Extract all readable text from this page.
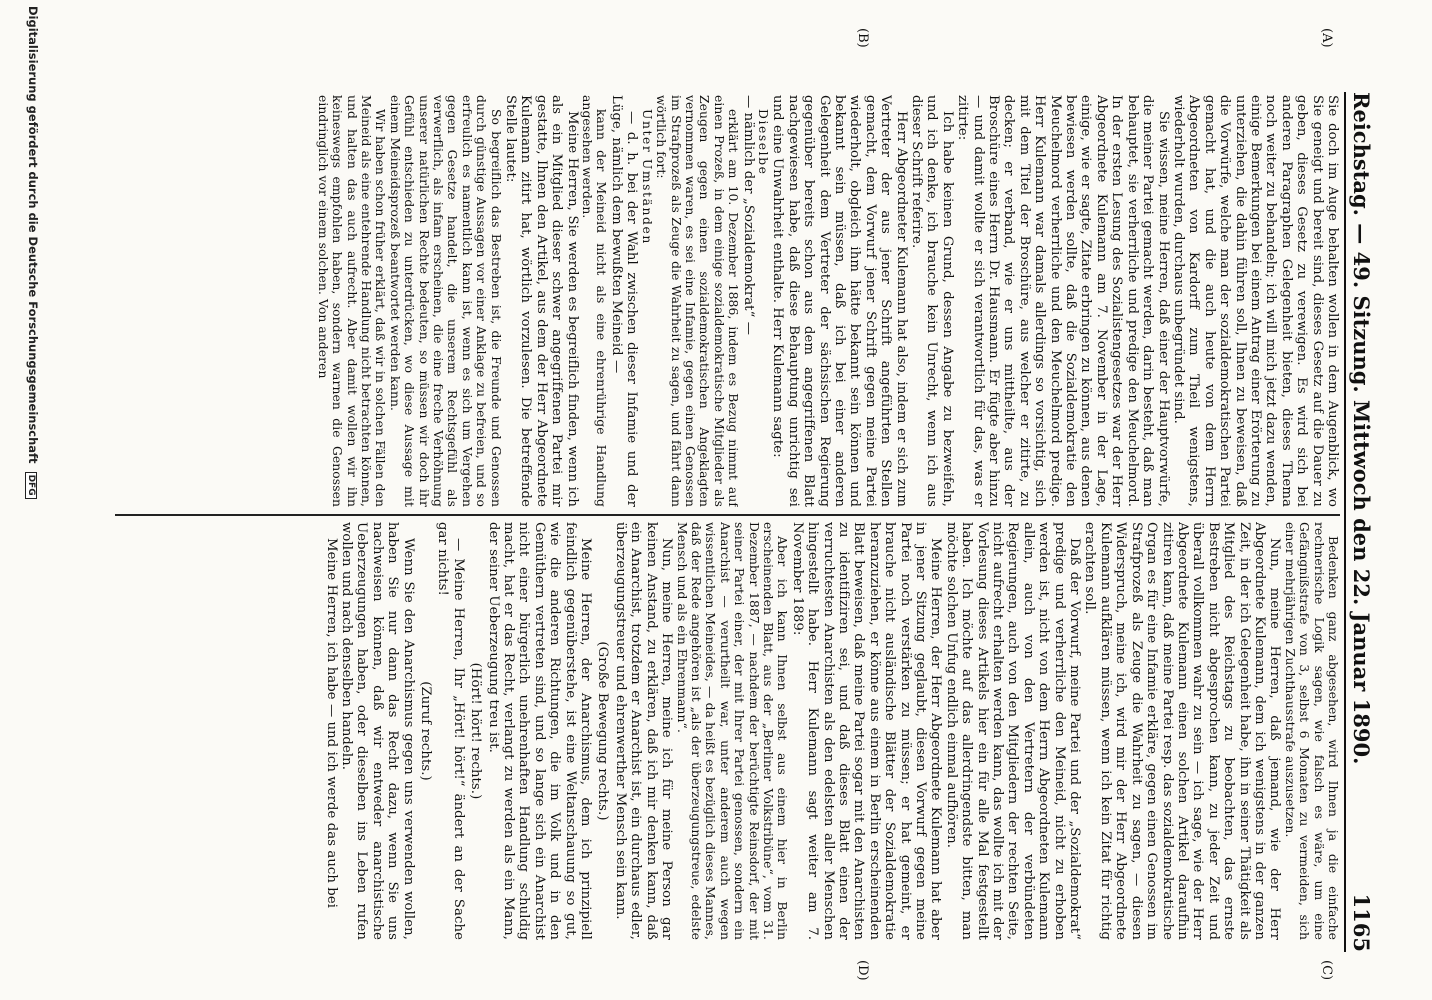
Reichstag. — 49. Sitzung. Mittwoch den 22. Januar 1890.
1165
(A)
(B)
(C)
(D)

Sie doch im Auge behalten wollen in dem Augenblick, wo Sie geneigt und bereit sind, dieses Gesetz auf die Dauer zu geben, dieses Gesetz zu verewigen. Es wird sich bei anderen Paragraphen Gelegenheit bieten, dieses Thema noch weiter zu behandeln; ich will mich jetzt dazu wenden, einige Bemerkungen bei einem Antrag einer Erörterung zu unterziehen, die dahin führen soll, Ihnen zu beweisen, daß die Vorwürfe, welche man der sozialdemokratischen Partei gemacht hat, und die auch heute von dem Herrn Abgeordneten von Kardorff zum Theil wenigstens, wiederholt wurden, durchaus unbegründet sind.

Sie wissen, meine Herren, daß einer der Hauptvorwürfe, die meiner Partei gemacht werden, darin besteht, daß man behauptet, sie verherrliche und predige den Meuchelmord. In der ersten Lesung des Sozialistengesetzes war der Herr Abgeordnete Kulemann am 7. November in der Lage, einige, wie er sagte, Zitate erbringen zu können, aus denen bewiesen werden sollte, daß die Sozialdemokratie den Meuchelmord verherrliche und den Meuchelmord predige. Herr Kulemann war damals allerdings so vorsichtig, sich mit dem Titel der Broschüre, aus welcher er zitirte, zu decken; er verband, wie er uns mittheilte, aus der Broschüre eines Herrn Dr. Hausmann. Er fügte aber hinzu — und damit wollte er sich verantwortlich für das, was er zitirte:

Ich habe keinen Grund, dessen Angabe zu bezweifeln, und ich denke, ich brauche kein Unrecht, wenn ich aus dieser Schrift referire.

Herr Abgeordneter Kulemann hat also, indem er sich zum Vertreter der aus jener Schrift angeführten Stellen gemacht, dem Vorwurf jener Schrift gegen meine Partei wiederholt, obgleich ihm hätte bekannt sein können und bekannt sein müssen, daß ich bei einer anderen Gelegenheit dem Vertreter der sächsischen Regierung gegenüber bereits schon aus dem angegriffenen Blatt nachgewiesen habe, daß diese Behauptung unrichtig sei und eine Unwahrheit enthalte. Herr Kulemann sagte:

Dieselbe

— nämlich der „Sozialdemokrat“ —

erklärt am 10. Dezember 1886, indem es Bezug nimmt auf einen Prozeß, in dem einige sozialdemokratische Mitglieder als Zeugen gegen einen sozialdemokratischen Angeklagten vernommen waren, es sei eine Infamie, gegen einen Genossen im Strafprozeß als Zeuge die Wahrheit zu sagen, und fährt dann wörtlich fort:

Unter Umständen

— d. h. bei der Wahl zwischen dieser Infamie und der Lüge, nämlich dem bewußten Meineid —

kann der Meineid nicht als eine ehrenrührige Handlung angesehen werden.

Meine Herren, Sie werden es begreiflich finden, wenn ich als ein Mitglied dieser schwer angegriffenen Partei mir gestatte, Ihnen den Artikel, aus dem der Herr Abgeordnete Kulemann zitirt hat, wörtlich vorzulesen. Die betreffende Stelle lautet:

So begreiflich das Bestreben ist, die Freunde und Genossen durch günstige Aussagen vor einer Anklage zu befreien, und so erfreulich es namentlich kann ist, wenn es sich um Vergehen gegen Gesetze handelt, die unserem Rechtsgefühl als verwerflich, als infam erscheinen, die eine freche Verhöhnung unserer natürlichen Rechte bedeuten, so müssen wir doch ihr Gefühl entschieden zu unterdrücken, wo diese Aussage mit einem Meineidsprozeß beantwortet werden kann.

Wir haben schon früher erklärt, daß wir in solchen Fällen den Meineid als eine entehrende Handlung nicht betrachten können, und halten das auch aufrecht. Aber damit wollen wir ihn keineswegs empfohlen haben, sondern warnen die Genossen eindringlich vor einem solchen. Von anderen

Bedenken ganz abgesehen, wird Ihnen ja die einfache rechnerische Logik sagen, wie falsch es wäre, um eine Gefängnißstrafe von 3, selbst 6 Monaten zu vermeiden, sich einer mehrjährigen Zuchthausstrafe auszusetzen.

Nun, meine Herren, daß jemand, wie der Herr Abgeordnete Kulemann, dem ich wenigstens in der ganzen Zeit, in der ich Gelegenheit habe, ihn in seiner Thätigkeit als Mitglied des Reichstags zu beobachten, das ernste Bestreben nicht abgesprochen kann, zu jeder Zeit und überall vollkommen wahr zu sein — ich sage, wie der Herr Abgeordnete Kulemann einen solchen Artikel daraufhin zitiren kann, daß meine Partei resp. das sozialdemokratische Organ es für eine Infamie erkläre, gegen einen Genossen im Strafprozeß als Zeuge die Wahrheit zu sagen, — diesen Widerspruch, meine ich, wird mir der Herr Abgeordnete Kulemann aufklären müssen, wenn ich kein Zitat für richtig erachten soll.

Daß der Vorwurf, meine Partei und der „Sozialdemokrat“ predige und verherrliche den Meineid, nicht zu erhoben werden ist, nicht von dem Herrn Abgeordneten Kulemann allein, auch von den Vertretern der verbündeten Regierungen, auch von den Mitgliedern der rechten Seite, nicht aufrecht erhalten werden kann, das wollte ich mit der Vorlesung dieses Artikels hier ein für alle Mal festgestellt haben. Ich möchte auf das allerdringendste bitten, man möchte solchen Unfug endlich einmal aufhören.

Meine Herren, der Herr Abgeordnete Kulemann hat aber in jener Sitzung geglaubt, diesen Vorwurf gegen meine Partei noch verstärken zu müssen; er hat gemeint, er brauche nicht ausländische Blätter der Sozialdemokratie heranzuziehen, er könne aus einem in Berlin erscheinenden Blatt beweisen, daß meine Partei sogar mit den Anarchisten zu identifiziren sei, und daß dieses Blatt einen der verruchtesten Anarchisten als den edelsten aller Menschen hingestellt habe. Herr Kulemann sagt weiter am 7. November 1889:

Aber ich kann Ihnen selbst aus einem hier in Berlin erscheinenden Blatt, aus der „Berliner Volkstribüne“, vom 31. Dezember 1887, — nachdem der berüchtigte Reinsdorf, der mit seiner Partei einer, der mit Ihrer Partei genossen, sondern ein Anarchist — verurtheilt war, unter anderem auch wegen wissentlichen Meineides, — da heißt es bezüglich dieses Mannes, daß der Rede angehören ist „als der überzeugungstreue, edelste Mensch und als ein Ehrenmann“.

Nun, meine Herren, meine ich für meine Person gar keinen Anstand, zu erklären, daß ich mir denken kann, daß ein Anarchist, trotzdem er Anarchist ist, ein durchaus edler, überzeugungstreuer und ehrenwerther Mensch sein kann.

(Große Bewegung rechts.)

Meine Herren, der Anarchismus, dem ich prinzipiell feindlich gegenüberstehe, ist eine Weltanschauung so gut, wie die anderen Richtungen, die im Volk und in den Gemüthern vertreten sind, und so lange sich ein Anarchist nicht einer bürgerlich unehrenhaften Handlung schuldig macht, hat er das Recht, verlangt zu werden als ein Mann, der seiner Ueberzeugung treu ist.

(Hört! hört! rechts.)

— Meine Herren, Ihr „Hört! hört!“ ändert an der Sache gar nichts!

(Zuruf rechts.)

Wenn Sie den Anarchismus gegen uns verwenden wollen, haben Sie nur dann das Recht dazu, wenn Sie uns nachweisen können, daß wir entweder anarchistische Ueberzeugungen haben, oder dieselben ins Leben rufen wollen und nach denselben handeln.

Meine Herren, ich habe — und ich werde das auch bei

Digitalisierung gefördert durch die Deutsche Forschungsgemeinschaft DFG
